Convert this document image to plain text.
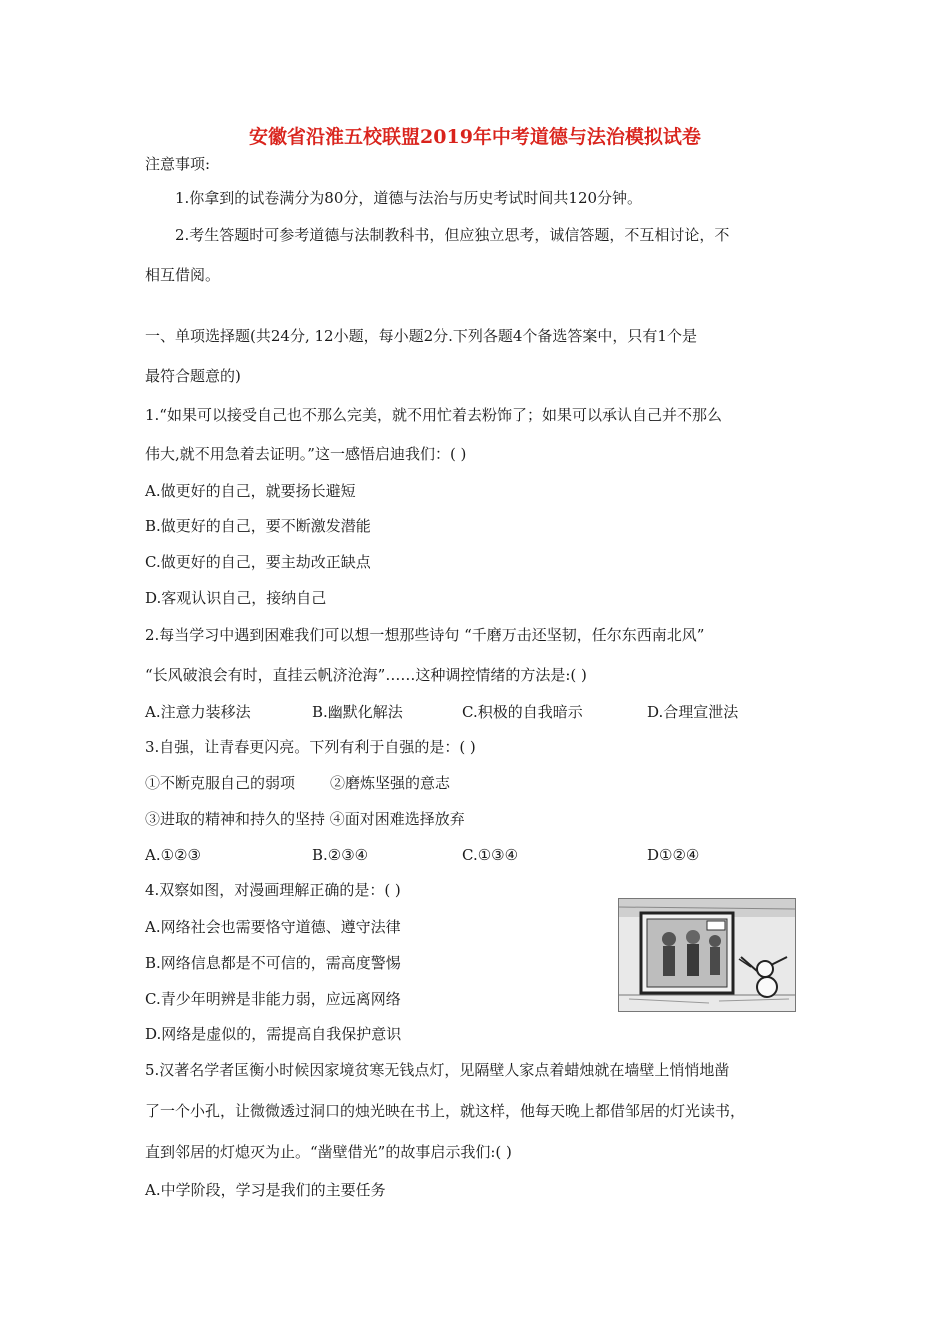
安徽省沿淮五校联盟2019年中考道德与法治模拟试卷
注意事项:
1.你拿到的试卷满分为80分，道德与法治与历史考试时间共120分钟。
2.考生答题时可参考道德与法制教科书，但应独立思考，诚信答题，不互相讨论，不
相互借阅。
一、单项选择题(共24分, 12小题，每小题2分.下列各题4个备选答案中，只有1个是
最符合题意的)
1.“如果可以接受自己也不那么完美，就不用忙着去粉饰了；如果可以承认自己并不那么
伟大,就不用急着去证明。”这一感悟启迪我们：( )
A.做更好的自己，就要扬长避短
B.做更好的自己，要不断激发潜能
C.做更好的自己，要主劫改正缺点
D.客观认识自己，接纳自己
2.每当学习中遇到困难我们可以想一想那些诗句 “千磨万击还坚韧，任尔东西南北风”
“长风破浪会有时，直挂云帆济沧海”……这种调控情绪的方法是:( )
A.注意力装移法	B.幽默化解法	C.积极的自我暗示	D.合理宣泄法
3.自强，让青春更闪亮。下列有利于自强的是：( )
①不断克服自己的弱项 ②磨炼坚强的意志
③进取的精神和持久的坚持 ④面对困难选择放弃
A.①②③	B.②③④	C.①③④	D①②④
4.双察如图，对漫画理解正确的是：( )
A.网络社会也需要恪守道德、遵守法律
B.网络信息都是不可信的，需高度警惕
C.青少年明辨是非能力弱，应远离网络
D.网络是虚似的，需提高自我保护意识
5.汉著名学者匡衡小时候因家境贫寒无钱点灯，见隔壁人家点着蜡烛就在墙壁上悄悄地凿
了一个小孔，让微微透过洞口的烛光映在书上，就这样，他每天晚上都借邹居的灯光读书，
直到邻居的灯熄灭为止。“凿壁借光”的故事启示我们:( )
A.中学阶段，学习是我们的主要任务
